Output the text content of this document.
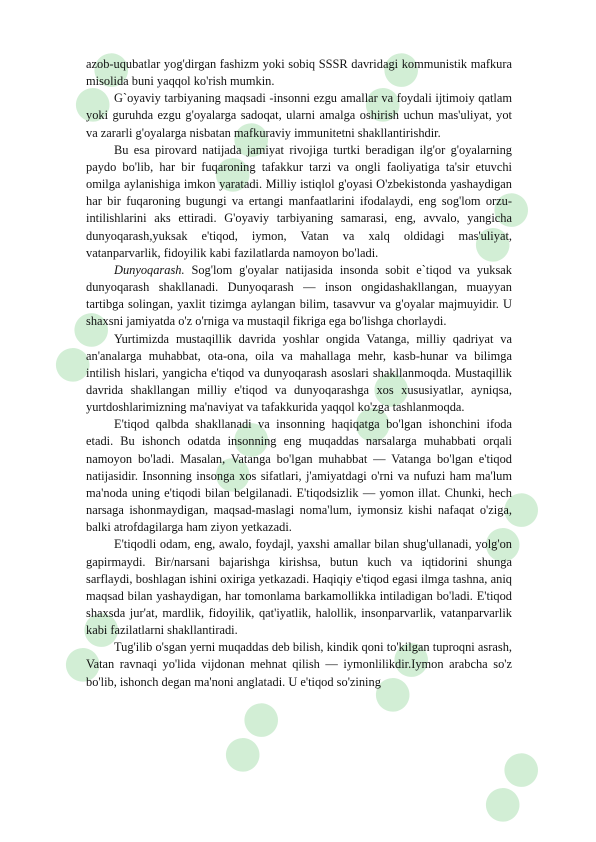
●●
●●
●●
●●
●●
●●
●●
●●
●●
●●
●●
●●

azob-uqubatlar yog'dirgan fashizm yoki sobiq SSSR davridagi kommunistik mafkura misolida buni yaqqol ko'rish mumkin.

G`oyaviy tarbiyaning maqsadi -insonni ezgu amallar va foydali ijtimoiy qatlam yoki guruhda ezgu g'oyalarga sadoqat, ularni amalga oshirish uchun mas'uliyat, yot va zararli g'oyalarga nisbatan mafkuraviy immunitetni shakllantirishdir.

Bu esa pirovard natijada jamiyat rivojiga turtki beradigan ilg'or g'oyalarning paydo bo'lib, har bir fuqaroning tafakkur tarzi va ongli faoliyatiga ta'sir etuvchi omilga aylanishiga imkon yaratadi. Milliy istiqlol g'oyasi O'zbekistonda yashaydigan har bir fuqaroning bugungi va ertangi manfaatlarini ifodalaydi, eng sog'lom orzu-intilishlarini aks ettiradi. G'oyaviy tarbiyaning samarasi, eng, avvalo, yangicha dunyoqarash,yuksak e'tiqod, iymon, Vatan va xalq oldidagi mas'uliyat, vatanparvarlik, fidoyilik kabi fazilatlarda namoyon bo'ladi.

Dunyoqarash. Sog'lom g'oyalar natijasida insonda sobit e`tiqod va yuksak dunyoqarash shakllanadi. Dunyoqarash — inson ongidashakllangan, muayyan tartibga solingan, yaxlit tizimga aylangan bilim, tasavvur va g'oyalar majmuyidir. U shaxsni jamiyatda o'z o'rniga va mustaqil fikriga ega bo'lishga chorlaydi.

Yurtimizda mustaqillik davrida yoshlar ongida Vatanga, milliy qadriyat va an'analarga muhabbat, ota-ona, oila va mahallaga mehr, kasb-hunar va bilimga intilish hislari, yangicha e'tiqod va dunyoqarash asoslari shakllanmoqda. Mustaqillik davrida shakllangan milliy e'tiqod va dunyoqarashga xos xususiyatlar, ayniqsa, yurtdoshlarimizning ma'naviyat va tafakkurida yaqqol ko'zga tashlanmoqda.

E'tiqod qalbda shakllanadi va insonning haqiqatga bo'lgan ishonchini ifoda etadi. Bu ishonch odatda insonning eng muqaddas narsalarga muhabbati orqali namoyon bo'ladi. Masalan, Vatanga bo'lgan muhabbat — Vatanga bo'lgan e'tiqod natijasidir. Insonning insonga xos sifatlari, j'amiyatdagi o'rni va nufuzi ham ma'lum ma'noda uning e'tiqodi bilan belgilanadi. E'tiqodsizlik — yomon illat. Chunki, hech narsaga ishonmaydigan, maqsad-maslagi noma'lum, iymonsiz kishi nafaqat o'ziga, balki atrofdagilarga ham ziyon yetkazadi.

E'tiqodli odam, eng, awalo, foydajl, yaxshi amallar bilan shug'ullanadi, yolg'on gapirmaydi. Bir/narsani bajarishga kirishsa, butun kuch va iqtidorini shunga sarflaydi, boshlagan ishini oxiriga yetkazadi. Haqiqiy e'tiqod egasi ilmga tashna, aniq maqsad bilan yashaydigan, har tomonlama barkamollikka intiladigan bo'ladi. E'tiqod shaxsda jur'at, mardlik, fidoyilik, qat'iyatlik, halollik, insonparvarlik, vatanparvarlik kabi fazilatlarni shakllantiradi.

Tug'ilib o'sgan yerni muqaddas deb bilish, kindik qoni to'kilgan tuproqni asrash, Vatan ravnaqi yo'lida vijdonan mehnat qilish — iymonlilikdir.Iymon arabcha so'z bo'lib, ishonch degan ma'noni anglatadi. U e'tiqod so'zining
